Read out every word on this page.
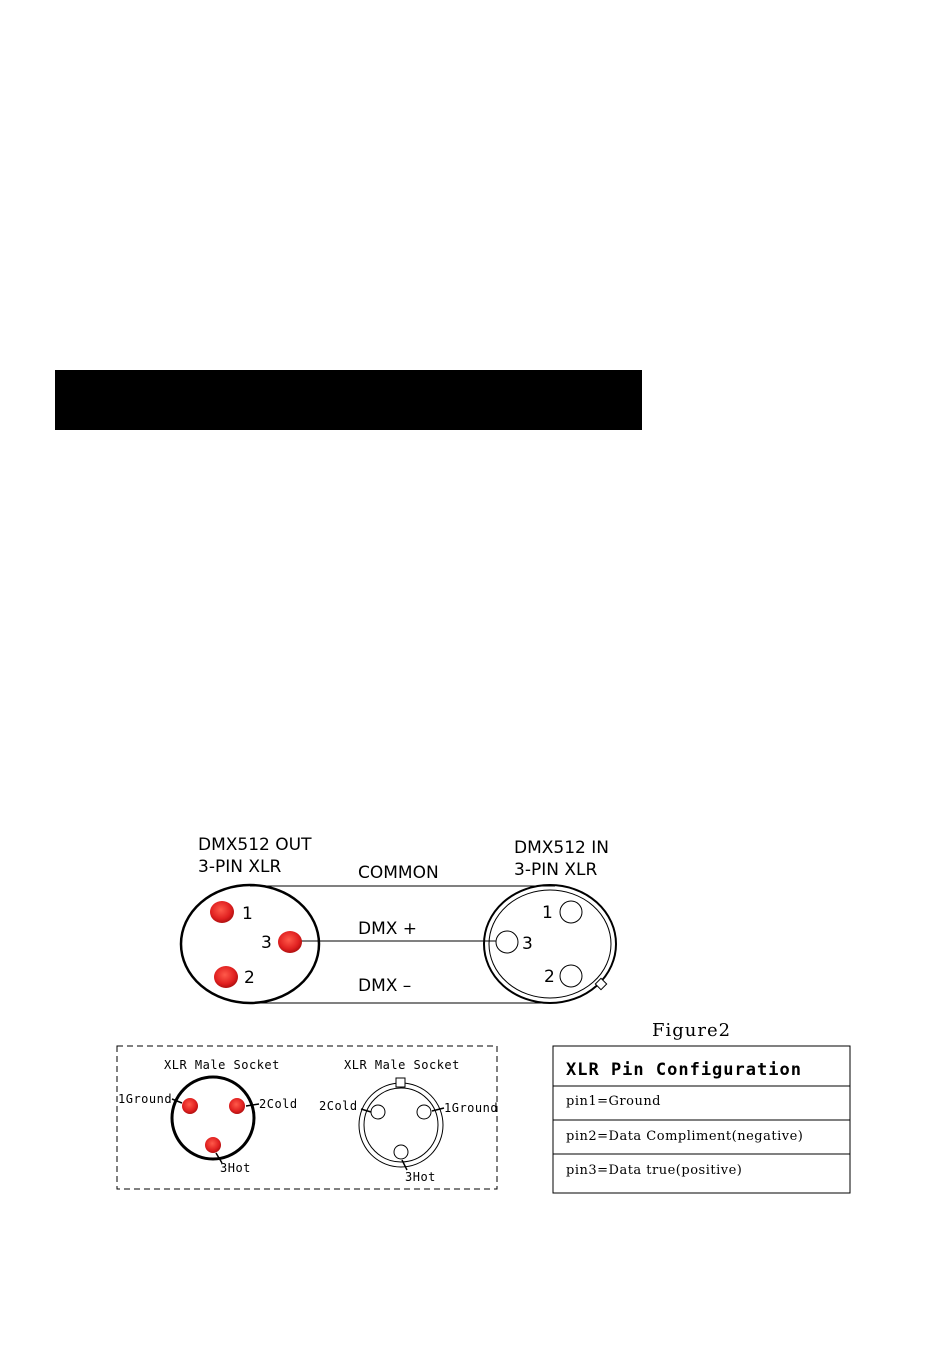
DMX512 OUT
3-PIN XLR
DMX512 IN
3-PIN XLR
COMMON
DMX +
DMX –
1
3
2
1
3
2
Figure2
XLR Male Socket
1Ground	2Cold
3Hot
XLR Male Socket
2Cold	1Ground
3Hot
XLR Pin Configuration
pin1=Ground
pin2=Data Compliment(negative)
pin3=Data true(positive)
